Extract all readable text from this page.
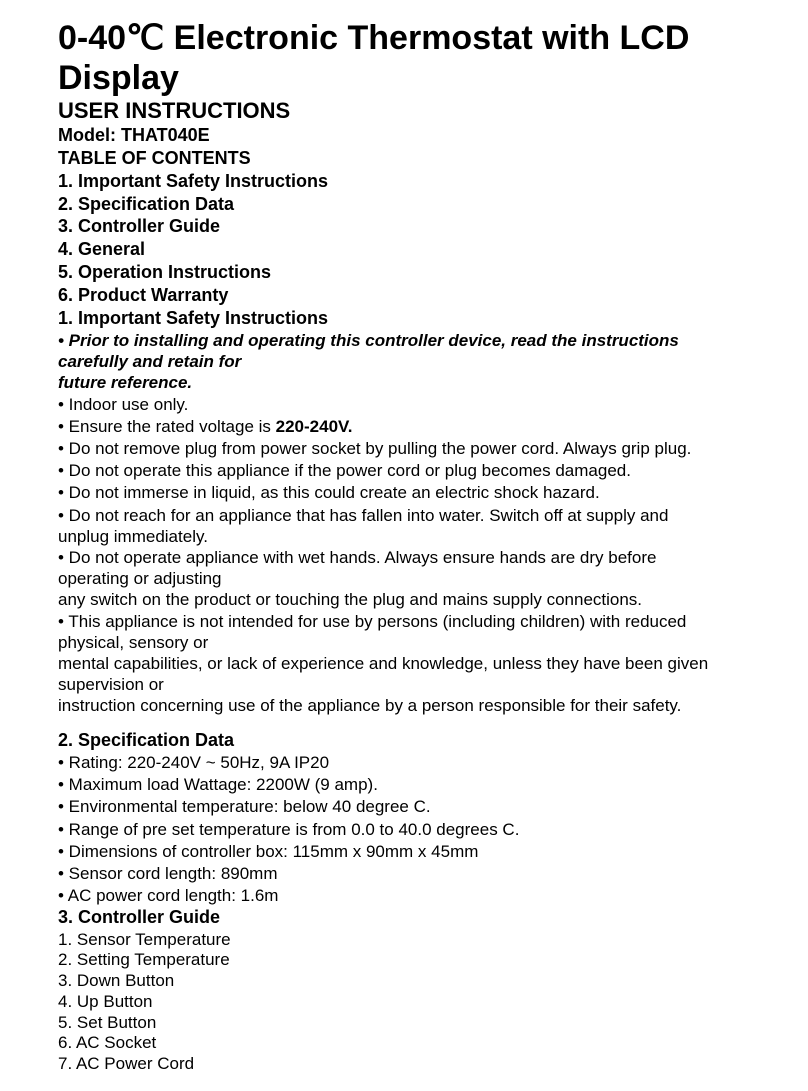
0-40℃ Electronic Thermostat with LCD
Display
USER INSTRUCTIONS
Model: THAT040E
TABLE OF CONTENTS
1. Important Safety Instructions
2. Specification Data
3. Controller Guide
4. General
5. Operation Instructions
6. Product Warranty
1. Important Safety Instructions
• Prior to installing and operating this controller device, read the instructions
carefully and retain for
future reference.
• Indoor use only.
• Ensure the rated voltage is 220-240V.
• Do not remove plug from power socket by pulling the power cord. Always grip plug.
• Do not operate this appliance if the power cord or plug becomes damaged.
• Do not immerse in liquid, as this could create an electric shock hazard.
• Do not reach for an appliance that has fallen into water. Switch off at supply and
unplug immediately.
• Do not operate appliance with wet hands. Always ensure hands are dry before
operating or adjusting
any switch on the product or touching the plug and mains supply connections.
• This appliance is not intended for use by persons (including children) with reduced
physical, sensory or
mental capabilities, or lack of experience and knowledge, unless they have been given
supervision or
instruction concerning use of the appliance by a person responsible for their safety.
2. Specification Data
• Rating: 220-240V ~ 50Hz, 9A IP20
• Maximum load Wattage: 2200W (9 amp).
• Environmental temperature: below 40 degree C.
• Range of pre set temperature is from 0.0 to 40.0 degrees C.
• Dimensions of controller box: 115mm x 90mm x 45mm
• Sensor cord length: 890mm
• AC power cord length: 1.6m
3. Controller Guide
1. Sensor Temperature
2. Setting Temperature
3. Down Button
4. Up Button
5. Set Button
6. AC Socket
7. AC Power Cord
